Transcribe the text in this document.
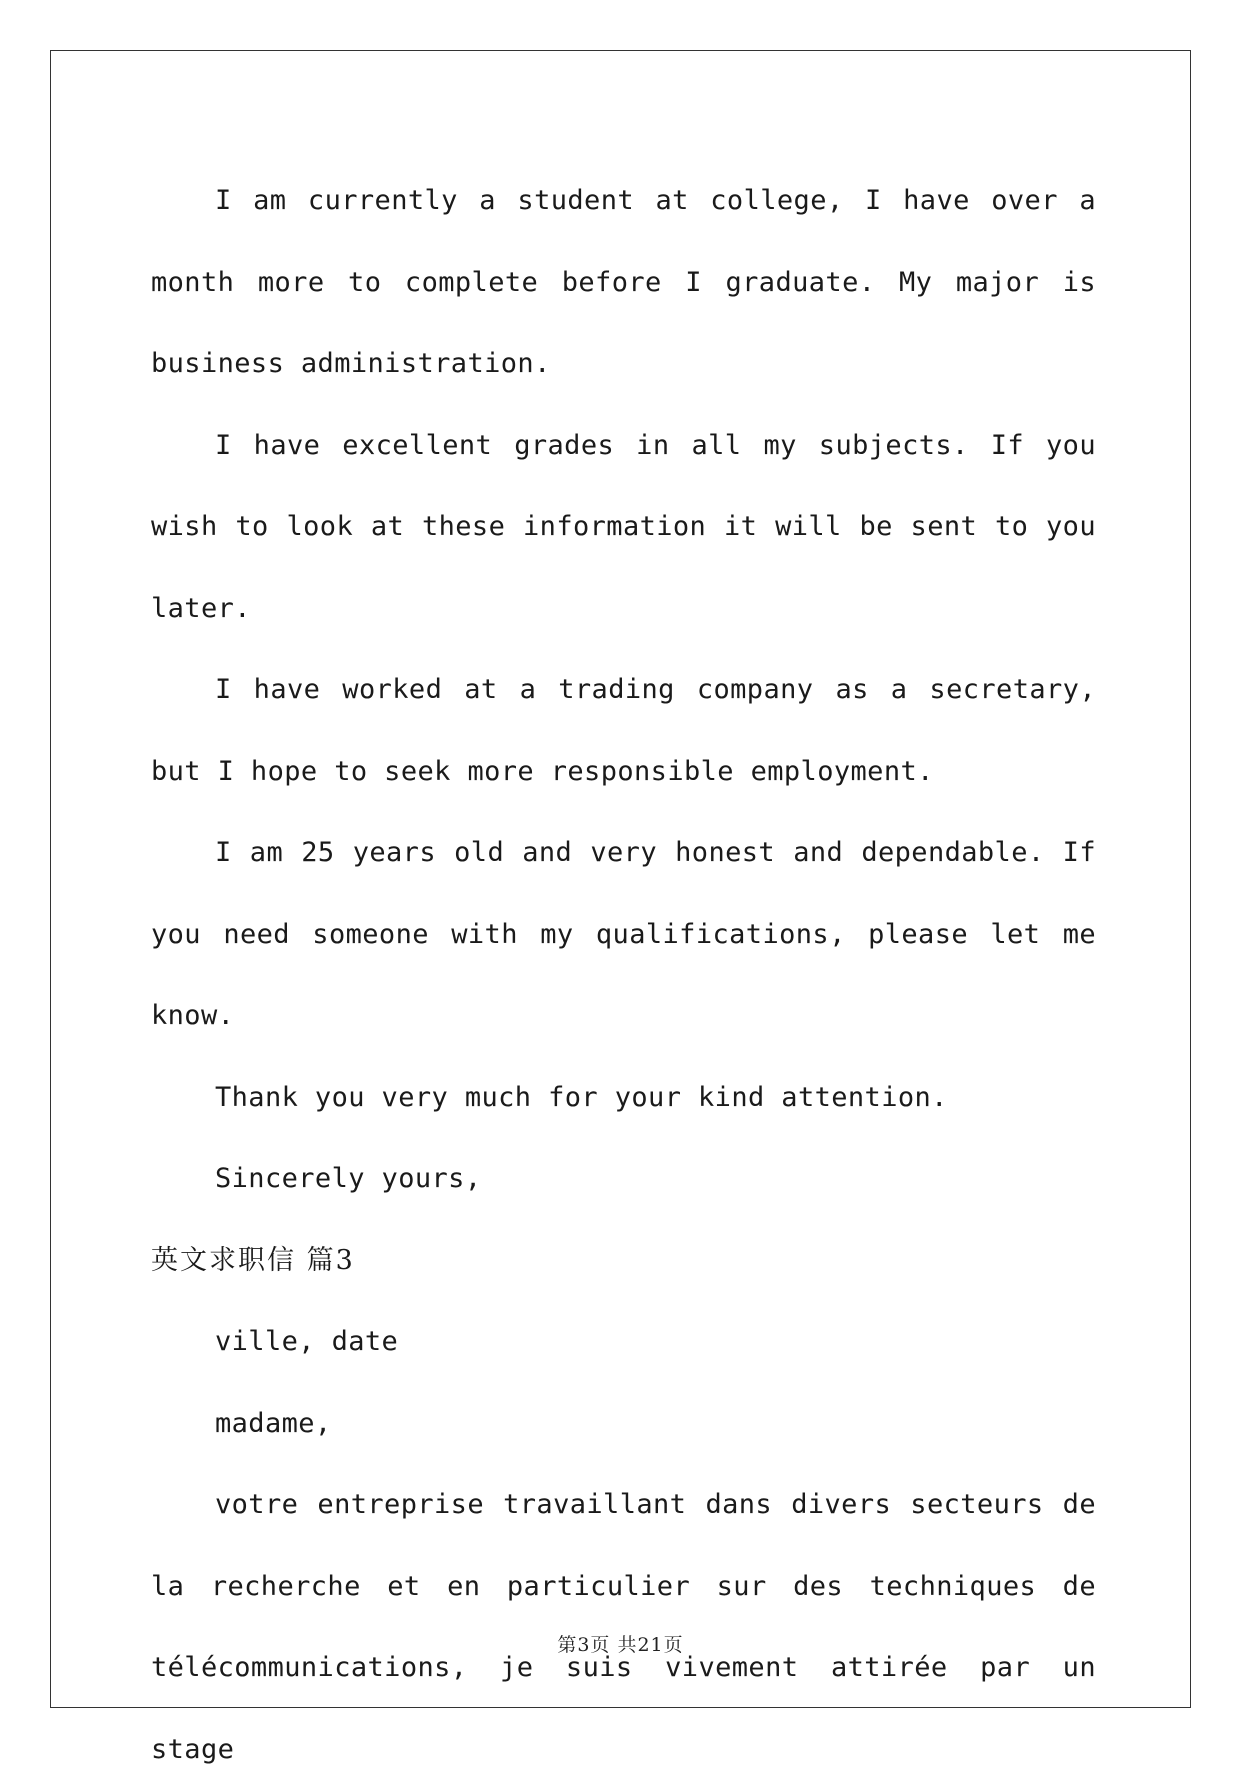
I am currently a student at college, I have over a month more to complete before I graduate. My major is business administration.

I have excellent grades in all my subjects. If you wish to look at these information it will be sent to you later.

I have worked at a trading company as a secretary, but I hope to seek more responsible employment.

I am 25 years old and very honest and dependable. If you need someone with my qualifications, please let me know.

Thank you very much for your kind attention.

Sincerely yours,

英文求职信 篇3

ville, date

madame,

votre entreprise travaillant dans divers secteurs de la recherche et en particulier sur des techniques de télécommunications, je suis vivement attirée par un stage

第3页 共21页
